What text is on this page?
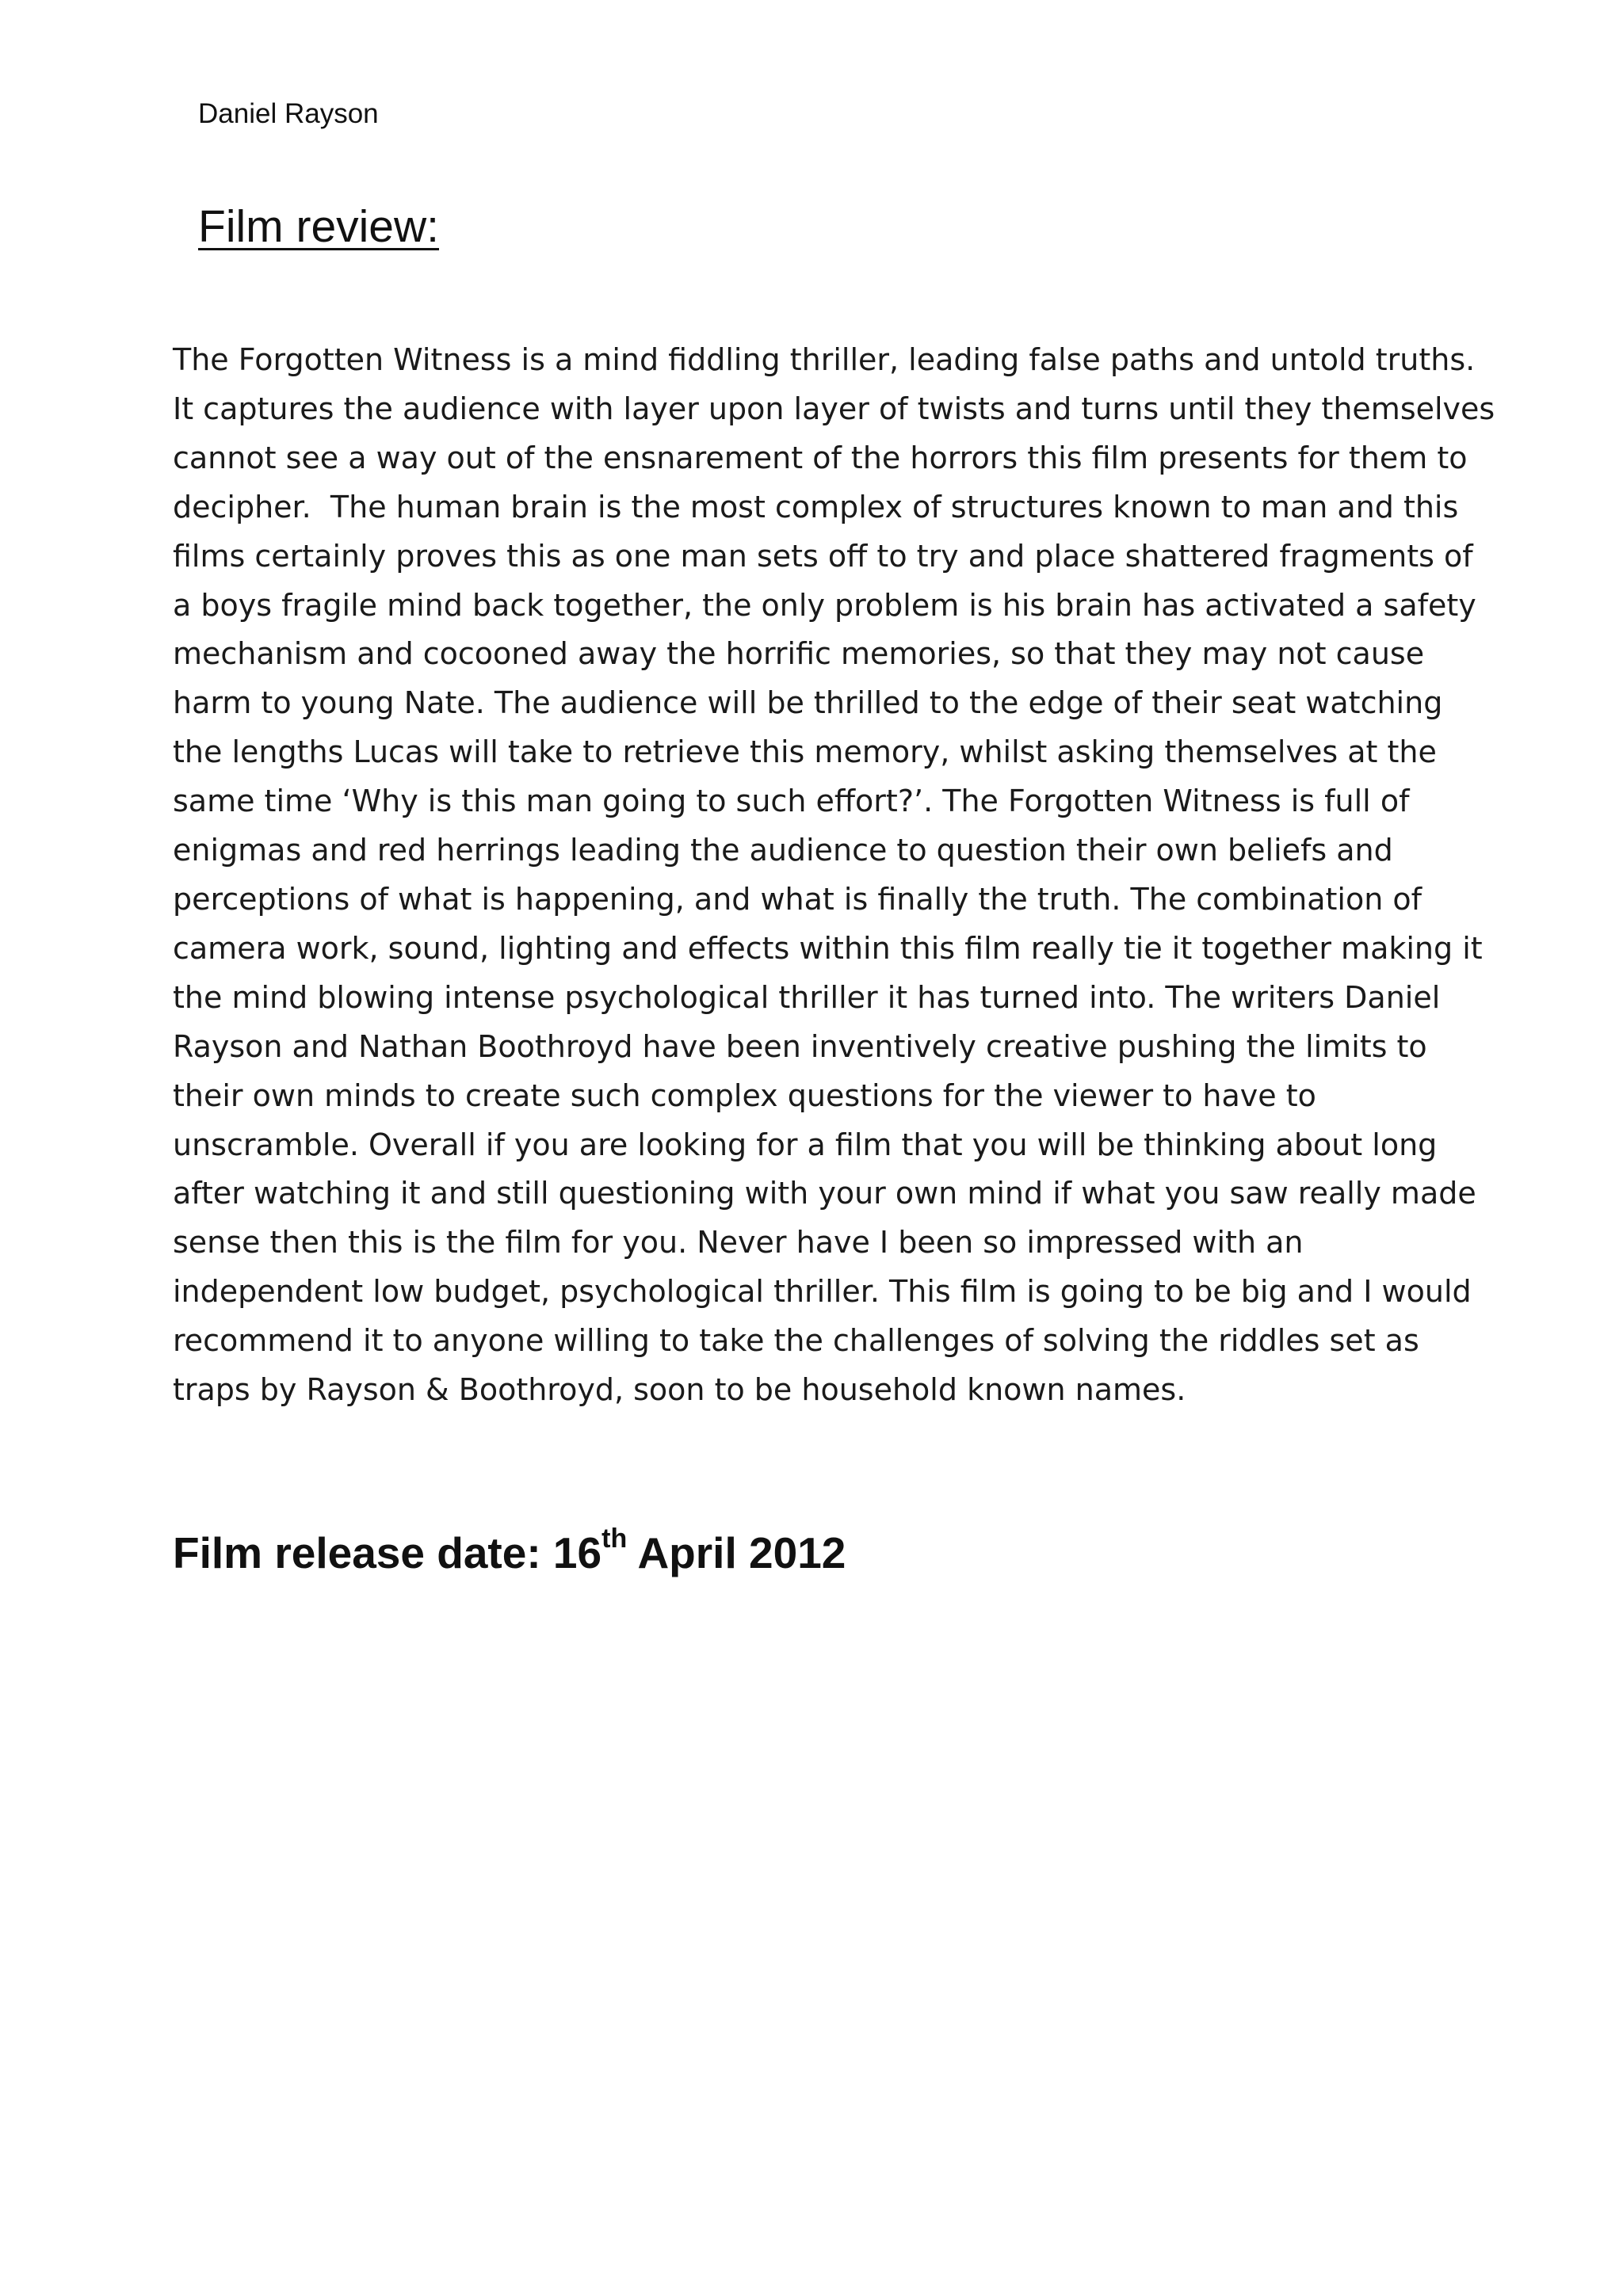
Daniel Rayson
Film review:
The Forgotten Witness is a mind fiddling thriller, leading false paths and untold truths.
It captures the audience with layer upon layer of twists and turns until they themselves
cannot see a way out of the ensnarement of the horrors this film presents for them to
decipher.  The human brain is the most complex of structures known to man and this
films certainly proves this as one man sets off to try and place shattered fragments of
a boys fragile mind back together, the only problem is his brain has activated a safety
mechanism and cocooned away the horrific memories, so that they may not cause
harm to young Nate. The audience will be thrilled to the edge of their seat watching
the lengths Lucas will take to retrieve this memory, whilst asking themselves at the
same time ‘Why is this man going to such effort?’. The Forgotten Witness is full of
enigmas and red herrings leading the audience to question their own beliefs and
perceptions of what is happening, and what is finally the truth. The combination of
camera work, sound, lighting and effects within this film really tie it together making it
the mind blowing intense psychological thriller it has turned into. The writers Daniel
Rayson and Nathan Boothroyd have been inventively creative pushing the limits to
their own minds to create such complex questions for the viewer to have to
unscramble. Overall if you are looking for a film that you will be thinking about long
after watching it and still questioning with your own mind if what you saw really made
sense then this is the film for you. Never have I been so impressed with an
independent low budget, psychological thriller. This film is going to be big and I would
recommend it to anyone willing to take the challenges of solving the riddles set as
traps by Rayson & Boothroyd, soon to be household known names.
Film release date: 16th April 2012
